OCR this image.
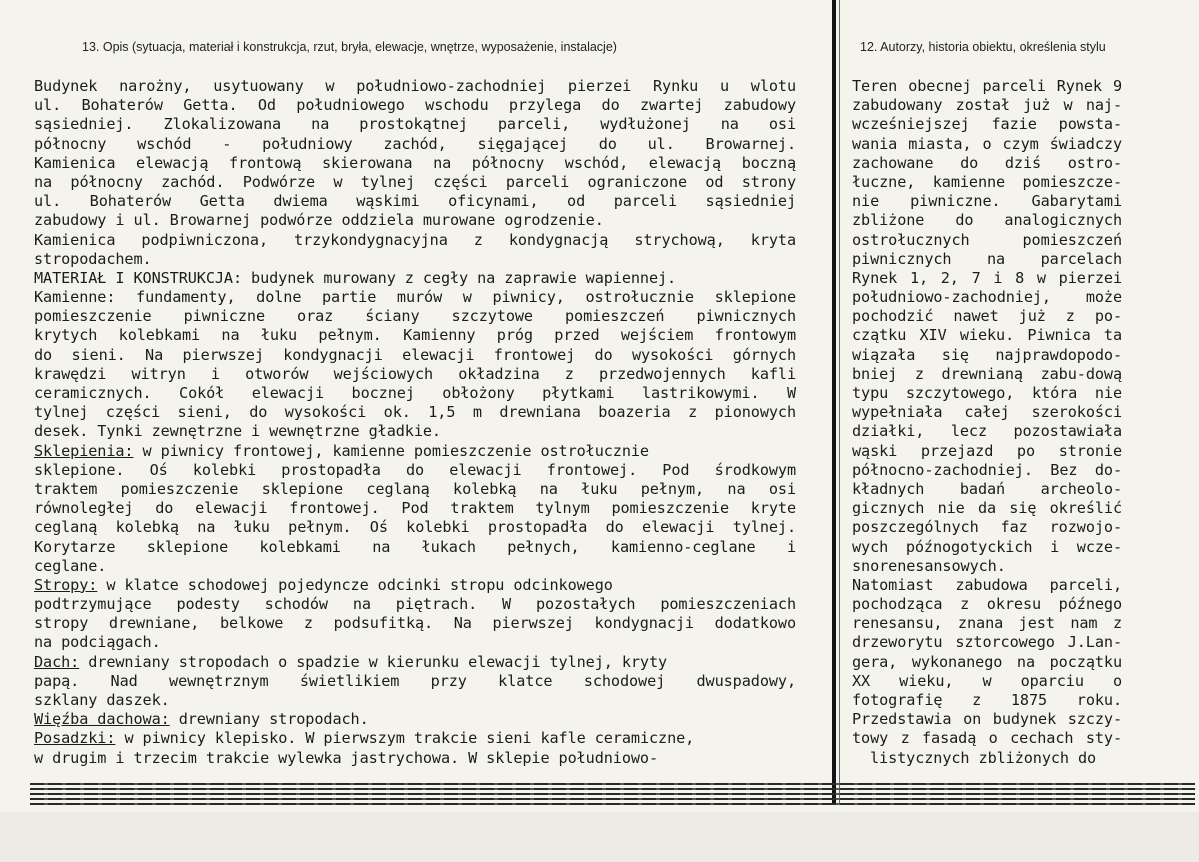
13. Opis (sytuacja, materiał i konstrukcja, rzut, bryła, elewacje, wnętrze, wyposażenie, instalacje)	12. Autorzy, historia obiektu, określenia stylu
Budynek narożny, usytuowany w południowo-zachodniej pierzei Rynku u wlotu
ul. Bohaterów Getta. Od południowego wschodu przylega do zwartej zabudowy
sąsiedniej. Zlokalizowana na prostokątnej parceli, wydłużonej na osi
północny wschód - południowy zachód, sięgającej do ul. Browarnej.
Kamienica elewacją frontową skierowana na północny wschód, elewacją boczną
na północny zachód. Podwórze w tylnej części parceli ograniczone od strony
ul. Bohaterów Getta dwiema wąskimi oficynami, od parceli sąsiedniej
zabudowy i ul. Browarnej podwórze oddziela murowane ogrodzenie.
Kamienica podpiwniczona, trzykondygnacyjna z kondygnacją strychową, kryta
stropodachem.
MATERIAŁ I KONSTRUKCJA: budynek murowany z cegły na zaprawie wapiennej.
Kamienne: fundamenty, dolne partie murów w piwnicy, ostrołucznie sklepione
pomieszczenie piwniczne oraz ściany szczytowe pomieszczeń piwnicznych
krytych kolebkami na łuku pełnym. Kamienny próg przed wejściem frontowym
do sieni. Na pierwszej kondygnacji elewacji frontowej do wysokości górnych
krawędzi witryn i otworów wejściowych okładzina z przedwojennych kafli
ceramicznych. Cokół elewacji bocznej obłożony płytkami lastrikowymi. W
tylnej części sieni, do wysokości ok. 1,5 m drewniana boazeria z pionowych
desek. Tynki zewnętrzne i wewnętrzne gładkie.
Sklepienia: w piwnicy frontowej, kamienne pomieszczenie ostrołucznie
sklepione. Oś kolebki prostopadła do elewacji frontowej. Pod środkowym
traktem pomieszczenie sklepione ceglaną kolebką na łuku pełnym, na osi
równoległej do elewacji frontowej. Pod traktem tylnym pomieszczenie kryte
ceglaną kolebką na łuku pełnym. Oś kolebki prostopadła do elewacji tylnej.
Korytarze sklepione kolebkami na łukach pełnych, kamienno-ceglane i
ceglane.
Stropy: w klatce schodowej pojedyncze odcinki stropu odcinkowego
podtrzymujące podesty schodów na piętrach. W pozostałych pomieszczeniach
stropy drewniane, belkowe z podsufitką. Na pierwszej kondygnacji dodatkowo
na podciągach.
Dach: drewniany stropodach o spadzie w kierunku elewacji tylnej, kryty
papą. Nad wewnętrznym świetlikiem przy klatce schodowej dwuspadowy,
szklany daszek.
Więźba dachowa: drewniany stropodach.
Posadzki: w piwnicy klepisko. W pierwszym trakcie sieni kafle ceramiczne,
w drugim i trzecim trakcie wylewka jastrychowa. W sklepie południowo-
Teren obecnej parceli Rynek 9
zabudowany został już w naj-
wcześniejszej fazie powsta-
wania miasta, o czym świadczy
zachowane do dziś ostro-
łuczne, kamienne pomieszcze-
nie piwniczne. Gabarytami
zbliżone do analogicznych
ostrołucznych pomieszczeń
piwnicznych na parcelach
Rynek 1, 2, 7 i 8 w pierzei
południowo-zachodniej, może
pochodzić nawet już z po-
czątku XIV wieku. Piwnica ta
wiązała się najprawdopodo-
bniej z drewnianą zabu-dową
typu szczytowego, która nie
wypełniała całej szerokości
działki, lecz pozostawiała
wąski przejazd po stronie
północno-zachodniej. Bez do-
kładnych badań archeolo-
gicznych nie da się określić
poszczególnych faz rozwojo-
wych późnogotyckich i wcze-
snorenesansowych.
Natomiast zabudowa parceli,
pochodząca z okresu późnego
renesansu, znana jest nam z
drzeworytu sztorcowego J.Lan-
gera, wykonanego na początku
XX wieku, w oparciu o
fotografię z 1875 roku.
Przedstawia on budynek szczy-
towy z fasadą o cechach sty-
listycznych zbliżonych do
